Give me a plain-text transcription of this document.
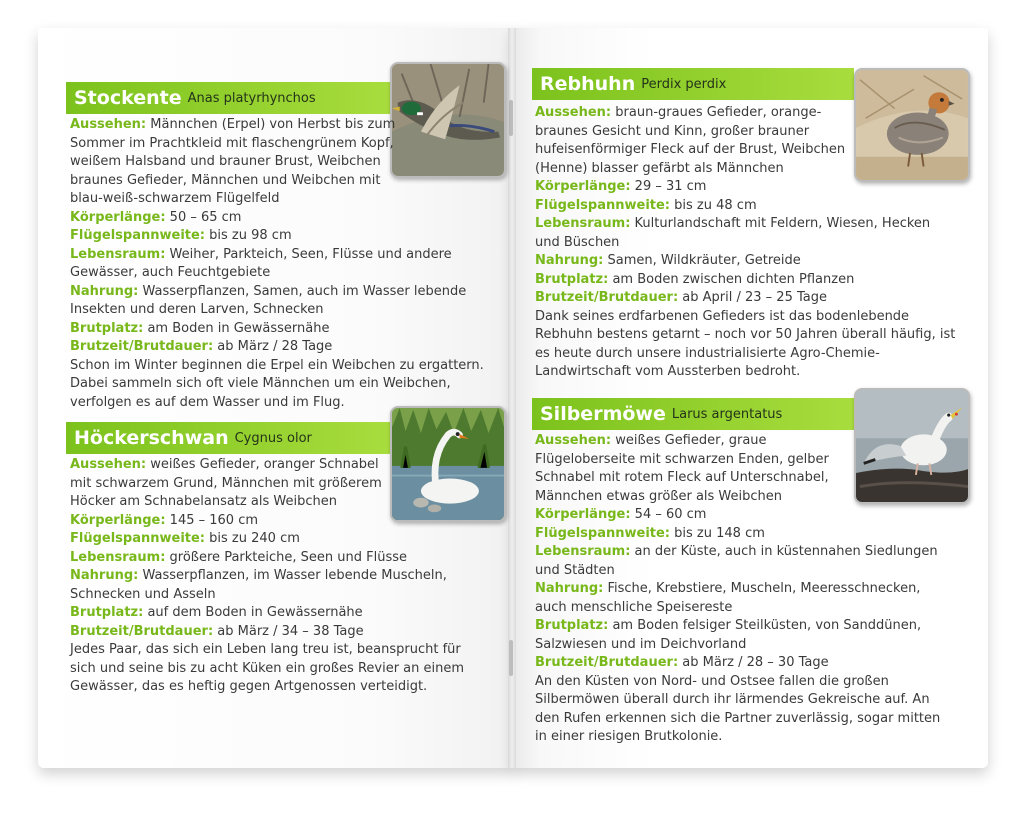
Stockente Anas platyrhynchos

Aussehen: Männchen (Erpel) von Herbst bis zum Sommer im Prachtkleid mit flaschengrünem Kopf, weißem Halsband und brauner Brust, Weibchen braunes Gefieder, Männchen und Weibchen mit blau-weiß-schwarzem Flügelfeld

Körperlänge: 50 – 65 cm

Flügelspannweite: bis zu 98 cm

Lebensraum: Weiher, Parkteich, Seen, Flüsse und andere Gewässer, auch Feuchtgebiete

Nahrung: Wasserpflanzen, Samen, auch im Wasser lebende Insekten und deren Larven, Schnecken

Brutplatz: am Boden in Gewässernähe

Brutzeit/Brutdauer: ab März / 28 Tage

Schon im Winter beginnen die Erpel ein Weibchen zu ergattern. Dabei sammeln sich oft viele Männchen um ein Weibchen, verfolgen es auf dem Wasser und im Flug.

Höckerschwan Cygnus olor

Aussehen: weißes Gefieder, oranger Schnabel mit schwarzem Grund, Männchen mit größerem Höcker am Schnabelansatz als Weibchen

Körperlänge: 145 – 160 cm

Flügelspannweite: bis zu 240 cm

Lebensraum: größere Parkteiche, Seen und Flüsse

Nahrung: Wasserpflanzen, im Wasser lebende Muscheln, Schnecken und Asseln

Brutplatz: auf dem Boden in Gewässernähe

Brutzeit/Brutdauer: ab März / 34 – 38 Tage

Jedes Paar, das sich ein Leben lang treu ist, beansprucht für sich und seine bis zu acht Küken ein großes Revier an einem Gewässer, das es heftig gegen Artgenossen verteidigt.

Rebhuhn Perdix perdix

Aussehen: braun-graues Gefieder, orange-braunes Gesicht und Kinn, großer brauner hufeisenförmiger Fleck auf der Brust, Weibchen (Henne) blasser gefärbt als Männchen

Körperlänge: 29 – 31 cm

Flügelspannweite: bis zu 48 cm

Lebensraum: Kulturlandschaft mit Feldern, Wiesen, Hecken und Büschen

Nahrung: Samen, Wildkräuter, Getreide

Brutplatz: am Boden zwischen dichten Pflanzen

Brutzeit/Brutdauer: ab April / 23 – 25 Tage

Dank seines erdfarbenen Gefieders ist das bodenlebende Rebhuhn bestens getarnt – noch vor 50 Jahren überall häufig, ist es heute durch unsere industrialisierte Agro-Chemie-Landwirtschaft vom Aussterben bedroht.

Silbermöwe Larus argentatus

Aussehen: weißes Gefieder, graue Flügeloberseite mit schwarzen Enden, gelber Schnabel mit rotem Fleck auf Unterschnabel, Männchen etwas größer als Weibchen

Körperlänge: 54 – 60 cm

Flügelspannweite: bis zu 148 cm

Lebensraum: an der Küste, auch in küstennahen Siedlungen und Städten

Nahrung: Fische, Krebstiere, Muscheln, Meeresschnecken, auch menschliche Speisereste

Brutplatz: am Boden felsiger Steilküsten, von Sanddünen, Salzwiesen und im Deichvorland

Brutzeit/Brutdauer: ab März / 28 – 30 Tage

An den Küsten von Nord- und Ostsee fallen die großen Silbermöwen überall durch ihr lärmendes Gekreische auf. An den Rufen erkennen sich die Partner zuverlässig, sogar mitten in einer riesigen Brutkolonie.
